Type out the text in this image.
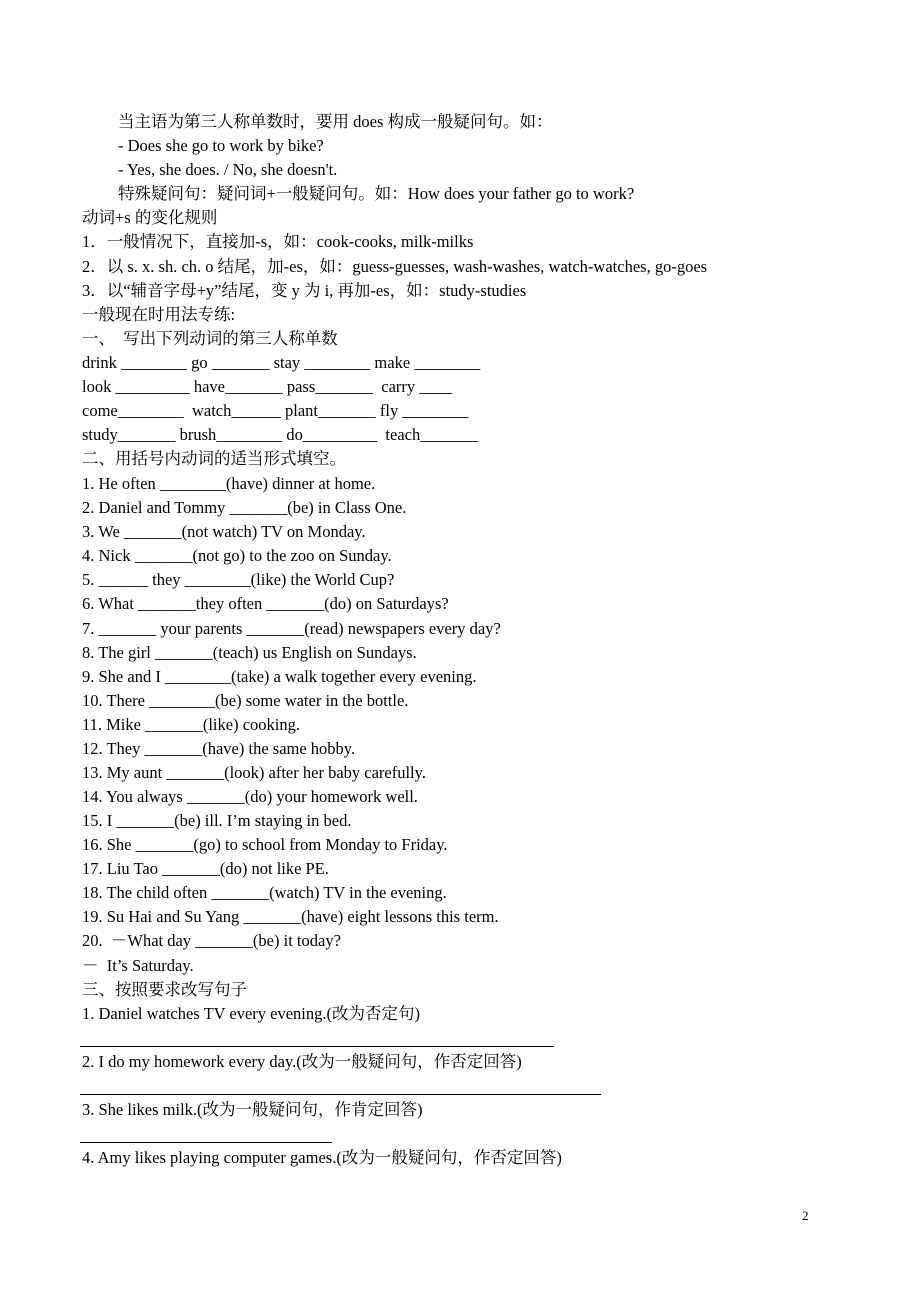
当主语为第三人称单数时，要用 does 构成一般疑问句。如：
- Does she go to work by bike?
- Yes, she does. / No, she doesn't.
特殊疑问句：疑问词+一般疑问句。如：How does your father go to work?
动词+s 的变化规则
1．一般情况下，直接加-s，如：cook-cooks, milk-milks
2．以 s. x. sh. ch. o 结尾，加-es，如：guess-guesses, wash-washes, watch-watches, go-goes
3．以“辅音字母+y”结尾，变 y 为 i, 再加-es，如：study-studies
一般现在时用法专练:
一、  写出下列动词的第三人称单数
drink ________ go _______ stay ________ make ________
look _________ have_______ pass_______  carry ____
come________  watch______ plant_______ fly ________
study_______ brush________ do_________  teach_______
二、用括号内动词的适当形式填空。
1. He often ________(have) dinner at home.
2. Daniel and Tommy _______(be) in Class One.
3. We _______(not watch) TV on Monday.
4. Nick _______(not go) to the zoo on Sunday.
5. ______ they ________(like) the World Cup?
6. What _______they often _______(do) on Saturdays?
7. _______ your parents _______(read) newspapers every day?
8. The girl _______(teach) us English on Sundays.
9. She and I ________(take) a walk together every evening.
10. There ________(be) some water in the bottle.
11. Mike _______(like) cooking.
12. They _______(have) the same hobby.
13. My aunt _______(look) after her baby carefully.
14. You always _______(do) your homework well.
15. I _______(be) ill. I’m staying in bed.
16. She _______(go) to school from Monday to Friday.
17. Liu Tao _______(do) not like PE.
18. The child often _______(watch) TV in the evening.
19. Su Hai and Su Yang _______(have) eight lessons this term.
20.  －What day _______(be) it today?
－  It’s Saturday.
三、按照要求改写句子
1. Daniel watches TV every evening.(改为否定句)
2. I do my homework every day.(改为一般疑问句，作否定回答)
3. She likes milk.(改为一般疑问句，作肯定回答)
4. Amy likes playing computer games.(改为一般疑问句，作否定回答)
2
